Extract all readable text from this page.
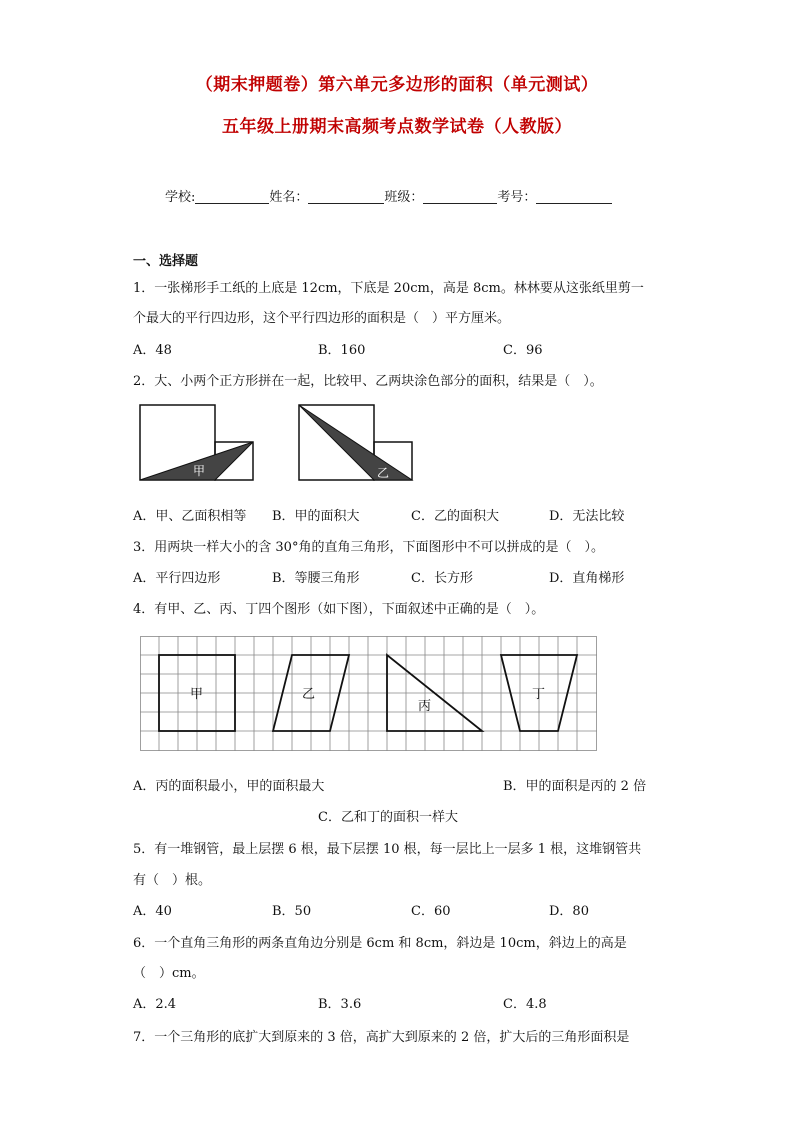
（期末押题卷）第六单元多边形的面积（单元测试）
五年级上册期末高频考点数学试卷（人教版）
学校:	姓名：	班级：	考号：
一、选择题
1．一张梯形手工纸的上底是 12cm，下底是 20cm，高是 8cm。林林要从这张纸里剪一
个最大的平行四边形，这个平行四边形的面积是（　）平方厘米。
A．48	B．160	C．96
2．大、小两个正方形拼在一起，比较甲、乙两块涂色部分的面积，结果是（　）。
甲	乙
A．甲、乙面积相等 B．甲的面积大	C．乙的面积大	D．无法比较
3．用两块一样大小的含 30°角的直角三角形，下面图形中不可以拼成的是（　）。
A．平行四边形	B．等腰三角形	C．长方形	D．直角梯形
4．有甲、乙、丙、丁四个图形（如下图），下面叙述中正确的是（　）。
甲	乙
丙
丁
A．丙的面积最小，甲的面积最大	B．甲的面积是丙的 2 倍
C．乙和丁的面积一样大
5．有一堆钢管，最上层摆 6 根，最下层摆 10 根，每一层比上一层多 1 根，这堆钢管共
有（　）根。
A．40	B．50	C．60	D．80
6．一个直角三角形的两条直角边分别是 6cm 和 8cm，斜边是 10cm，斜边上的高是
（　）cm。
A．2.4	B．3.6	C．4.8
7．一个三角形的底扩大到原来的 3 倍，高扩大到原来的 2 倍，扩大后的三角形面积是
